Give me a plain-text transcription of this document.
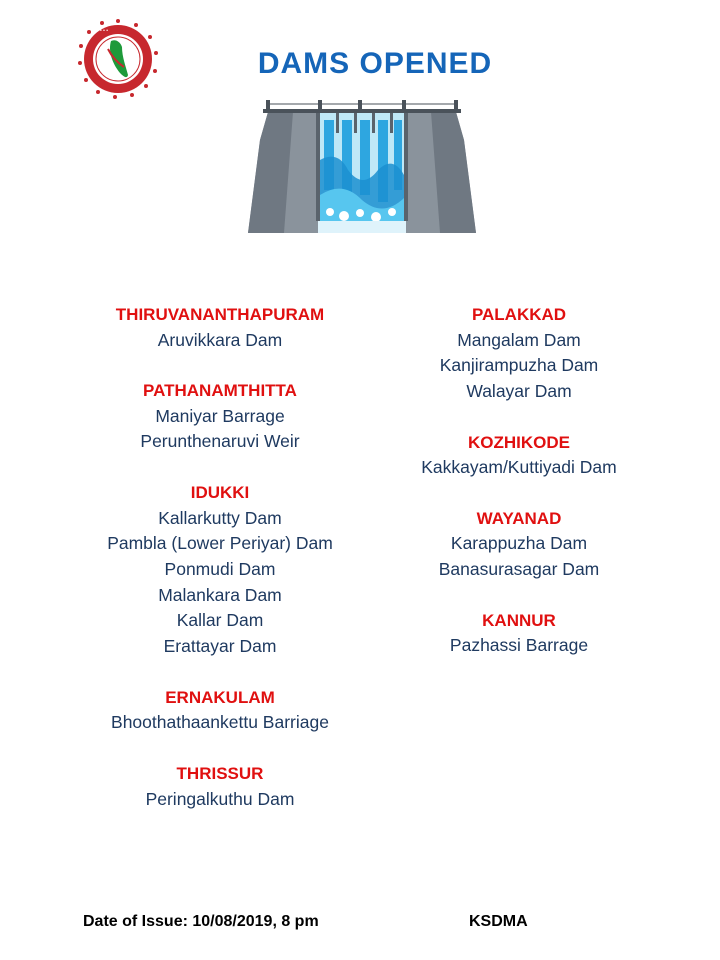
• • •
DAMS OPENED
THIRUVANANTHAPURAM
Aruvikkara Dam
PATHANAMTHITTA
Maniyar Barrage
Perunthenaruvi Weir
IDUKKI
Kallarkutty Dam
Pambla (Lower Periyar) Dam
Ponmudi Dam
Malankara Dam
Kallar Dam
Erattayar Dam
ERNAKULAM
Bhoothathaankettu Barriage
THRISSUR
Peringalkuthu Dam
PALAKKAD
Mangalam Dam
Kanjirampuzha Dam
Walayar Dam
KOZHIKODE
Kakkayam/Kuttiyadi Dam
WAYANAD
Karappuzha Dam
Banasurasagar Dam
KANNUR
Pazhassi Barrage
Date of Issue: 10/08/2019, 8 pm	KSDMA
